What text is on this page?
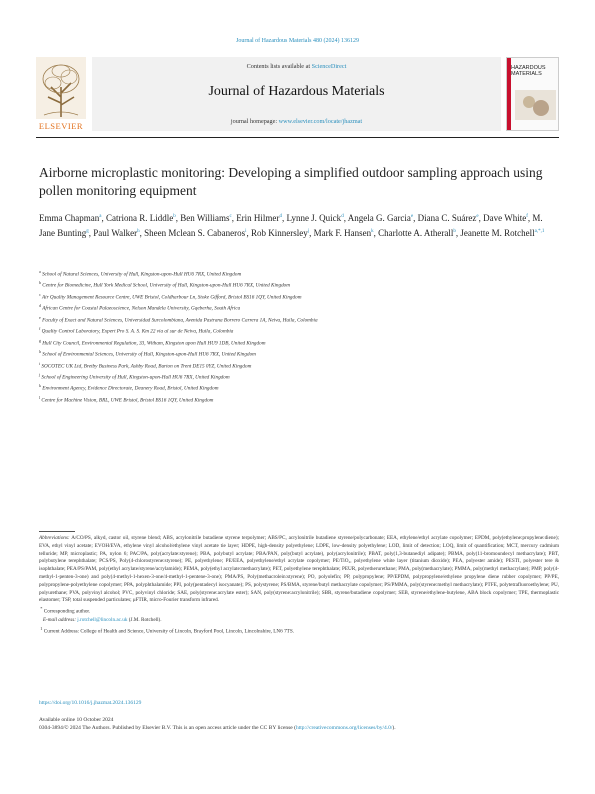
Journal of Hazardous Materials 480 (2024) 136129
ELSEVIER
Contents lists available at ScienceDirect
Journal of Hazardous Materials
journal homepage: www.elsevier.com/locate/jhazmat
HAZARDOUS MATERIALS
Airborne microplastic monitoring: Developing a simplified outdoor sampling approach using pollen monitoring equipment
Emma Chapman$^a$, Catriona R. Liddle$^b$, Ben Williams$^c$, Erin Hilmer$^d$, Lynne J. Quick$^d$, Angela G. Garcia$^e$, Diana C. Suárez$^e$, Dave White$^f$, M. Jane Bunting$^g$, Paul Walker$^h$, Sheen Mclean S. Cabaneros$^i$, Rob Kinnersley$^j$, Mark F. Hansen$^k$, Charlotte A. Atherall$^b$, Jeanette M. Rotchell$^{a,*,1}$
$^a$ School of Natural Sciences, University of Hull, Kingston-upon-Hull HU6 7RX, United Kingdom
$^b$ Centre for Biomedicine, Hull York Medical School, University of Hull, Kingston-upon-Hull HU6 7RX, United Kingdom
$^c$ Air Quality Management Resource Centre, UWE Bristol, Coldharbour Ln, Stoke Gifford, Bristol BS16 1QY, United Kingdom
$^d$ African Centre for Coastal Palaeoscience, Nelson Mandela University, Gqeberha, South Africa
$^e$ Faculty of Exact and Natural Sciences, Universidad Surcolombiana, Avenida Pastrana Borrero Carrera 1A, Neiva, Huila, Colombia
$^f$ Quality Control Laboratory, Expert Pro S. A. S. Km 22 via al sur de Neiva, Huila, Colombia
$^g$ Hull City Council, Environmental Regulation, 33, Witham, Kingston upon Hull HU9 1DB, United Kingdom
$^h$ School of Environmental Sciences, University of Hull, Kingston-upon-Hull HU6 7RX, United Kingdom
$^i$ SOCOTEC UK Ltd, Bretby Business Park, Ashby Road, Burton on Trent DE15 0YZ, United Kingdom
$^j$ School of Engineering University of Hull, Kingston-upon-Hull HU6 7RX, United Kingdom
$^k$ Environment Agency, Evidence Directorate, Deanery Road, Bristol, United Kingdom
$^l$ Centre for Machine Vision, BRL, UWE Bristol, Bristol BS16 1QY, United Kingdom

Abbreviations: A/CO/PS, alkyd, castor oil, styrene blend; ABS, acrylonitrile butadiene styrene terpolymer; ABS/PC, acrylonitrile butadiene styrene/polycarbonate; EEA, ethylene/ethyl acrylate copolymer; EPDM, poly(ethylene:propylene:diene); EVA, ethyl vinyl acetate; EVOH/EVA, ethylene vinyl alcohol/ethylene vinyl acetate tie layer; HDPE, high-density polyethylene; LDPE, low-density polyethylene; LOD, limit of detection; LOQ, limit of quantification; MCT, mercury cadmium telluride; MP, microplastic; PA, nylon 6; PAC/PA, poly(acrylate:styrene); PBA, polybutyl acrylate; PBA/PAN, poly(butyl acrylate), poly(acrylonitrile); PBAT, poly(1,3-butanediyl adipate); PBMA, poly(11-bromoundecyl methacrylate); PBT, polybutylene terephthalate; PCS/PS, Poly(4-chlorostyrene:styrene); PE, polyethylene; PE/EEA, polyethylene/ethyl acrylate copolymer; PE/TiO₂, polyethylene white layer (titanium dioxide); PEA, polyester amide); PESTI, polyester tere & isophthalate; PEA/PS/PAM, poly(ethyl acrylate/styrene/acrylamide); PEMA, poly(ethyl acrylate:methacrylate); PET, polyethylene terephthalate; PEUR, polyetherurethane; PMA, poly(methacrylate); PMMA, poly(methyl methacrylate); PMP, poly(4-methyl-1-penten-3-one) and poly(4-methyl-1-hexen-3-one/4-methyl-1-pentene-3-one); PMA/PS, Poly(methacrolein:styrene); PO, polyolefin; PP, polypropylene; PP/EPDM, polypropylene/ethylene propylene diene rubber copolymer; PP/PE, polypropylene-polyethylene copolymer; PPA, polyphthalamide; PPI, poly(pentadecyl isocyanate); PS, polystyrene; PS/BMA, styrene/butyl methacrylate copolymer; PS/PMMA, poly(styrene:methyl methacrylate); PTFE, polytetrafluoroethylene; PU, polyurethane; PVA, polyvinyl alcohol; PVC, polyvinyl chloride; SAE, poly(styrene:acrylate ester); SAN, poly(styrene:acrylonitrile); SBR, styrene/butadiene copolymer; SEB, styrene/ethylene-butylene, ABA block copolymer; TPE, thermoplastic elastomer; TSP, total suspended particulates; μFTIR, micro-Fourier transform infrared.

* Corresponding author.

E-mail address: j.rotchell@lincoln.ac.uk (J.M. Rotchell).

$^1$ Current Address: College of Health and Science, University of Lincoln, Brayford Pool, Lincoln, Lincolnshire, LN6 7TS.

https://doi.org/10.1016/j.jhazmat.2024.136129
Available online 10 October 2024
0304-3894/© 2024 The Authors. Published by Elsevier B.V. This is an open access article under the CC BY license (http://creativecommons.org/licenses/by/4.0/).
